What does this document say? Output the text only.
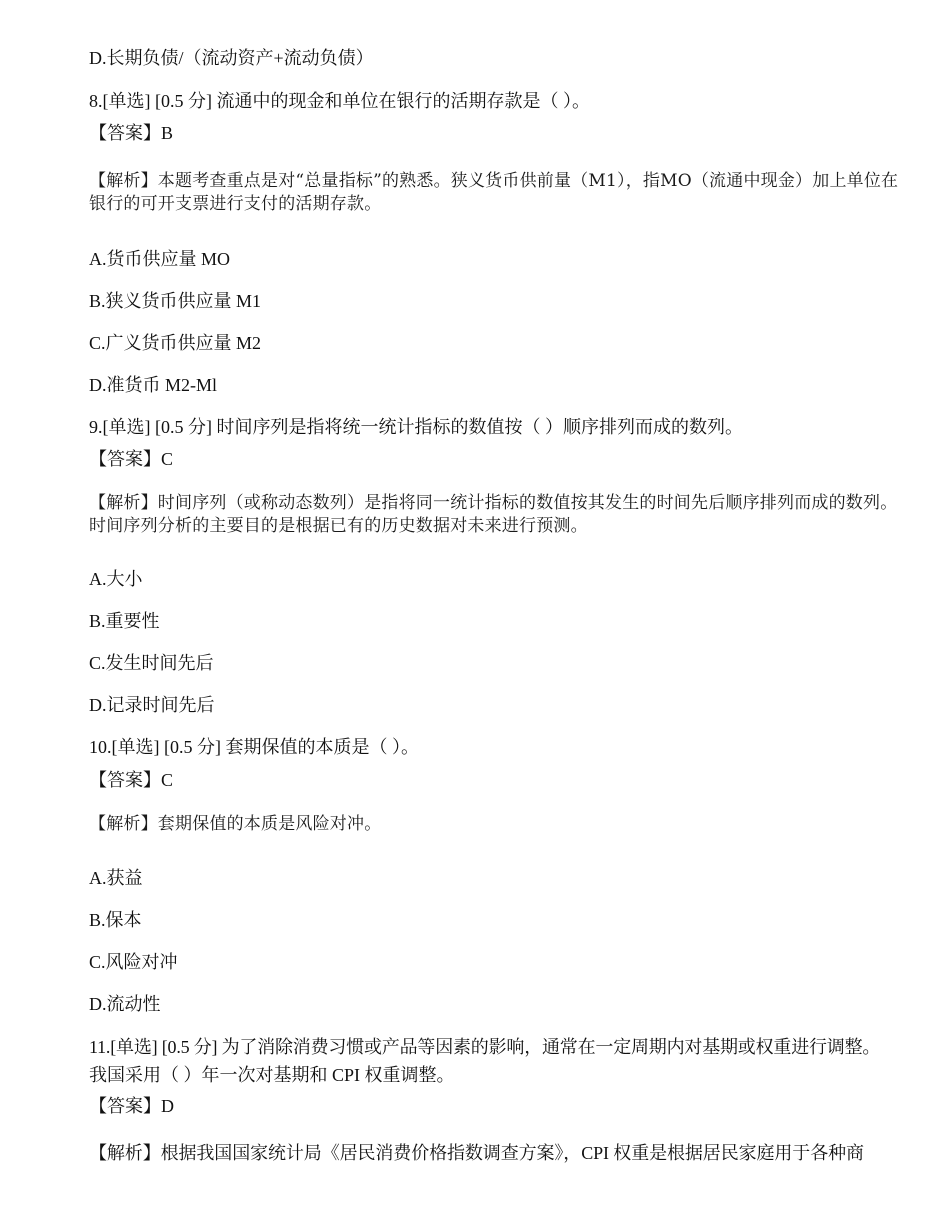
D.长期负债/（流动资产+流动负债）
8.[单选] [0.5 分] 流通中的现金和单位在银行的活期存款是（ ）。
【答案】B
【解析】本题考查重点是对“总量指标”的熟悉。狭义货币供前量（M1），指MO（流通中现金）加上单位在银行的可开支票进行支付的活期存款。
A.货币供应量 MO
B.狭义货币供应量 M1
C.广义货币供应量 M2
D.准货币 M2-Ml
9.[单选] [0.5 分] 时间序列是指将统一统计指标的数值按（ ）顺序排列而成的数列。
【答案】C
【解析】时间序列（或称动态数列）是指将同一统计指标的数值按其发生的时间先后顺序排列而成的数列。时间序列分析的主要目的是根据已有的历史数据对未来进行预测。
A.大小
B.重要性
C.发生时间先后
D.记录时间先后
10.[单选] [0.5 分] 套期保值的本质是（ ）。
【答案】C
【解析】套期保值的本质是风险对冲。
A.获益
B.保本
C.风险对冲
D.流动性
11.[单选] [0.5 分] 为了消除消费习惯或产品等因素的影响，通常在一定周期内对基期或权重进行调整。
我国采用（ ）年一次对基期和 CPI 权重调整。
【答案】D
【解析】根据我国国家统计局《居民消费价格指数调查方案》，CPI 权重是根据居民家庭用于各种商
